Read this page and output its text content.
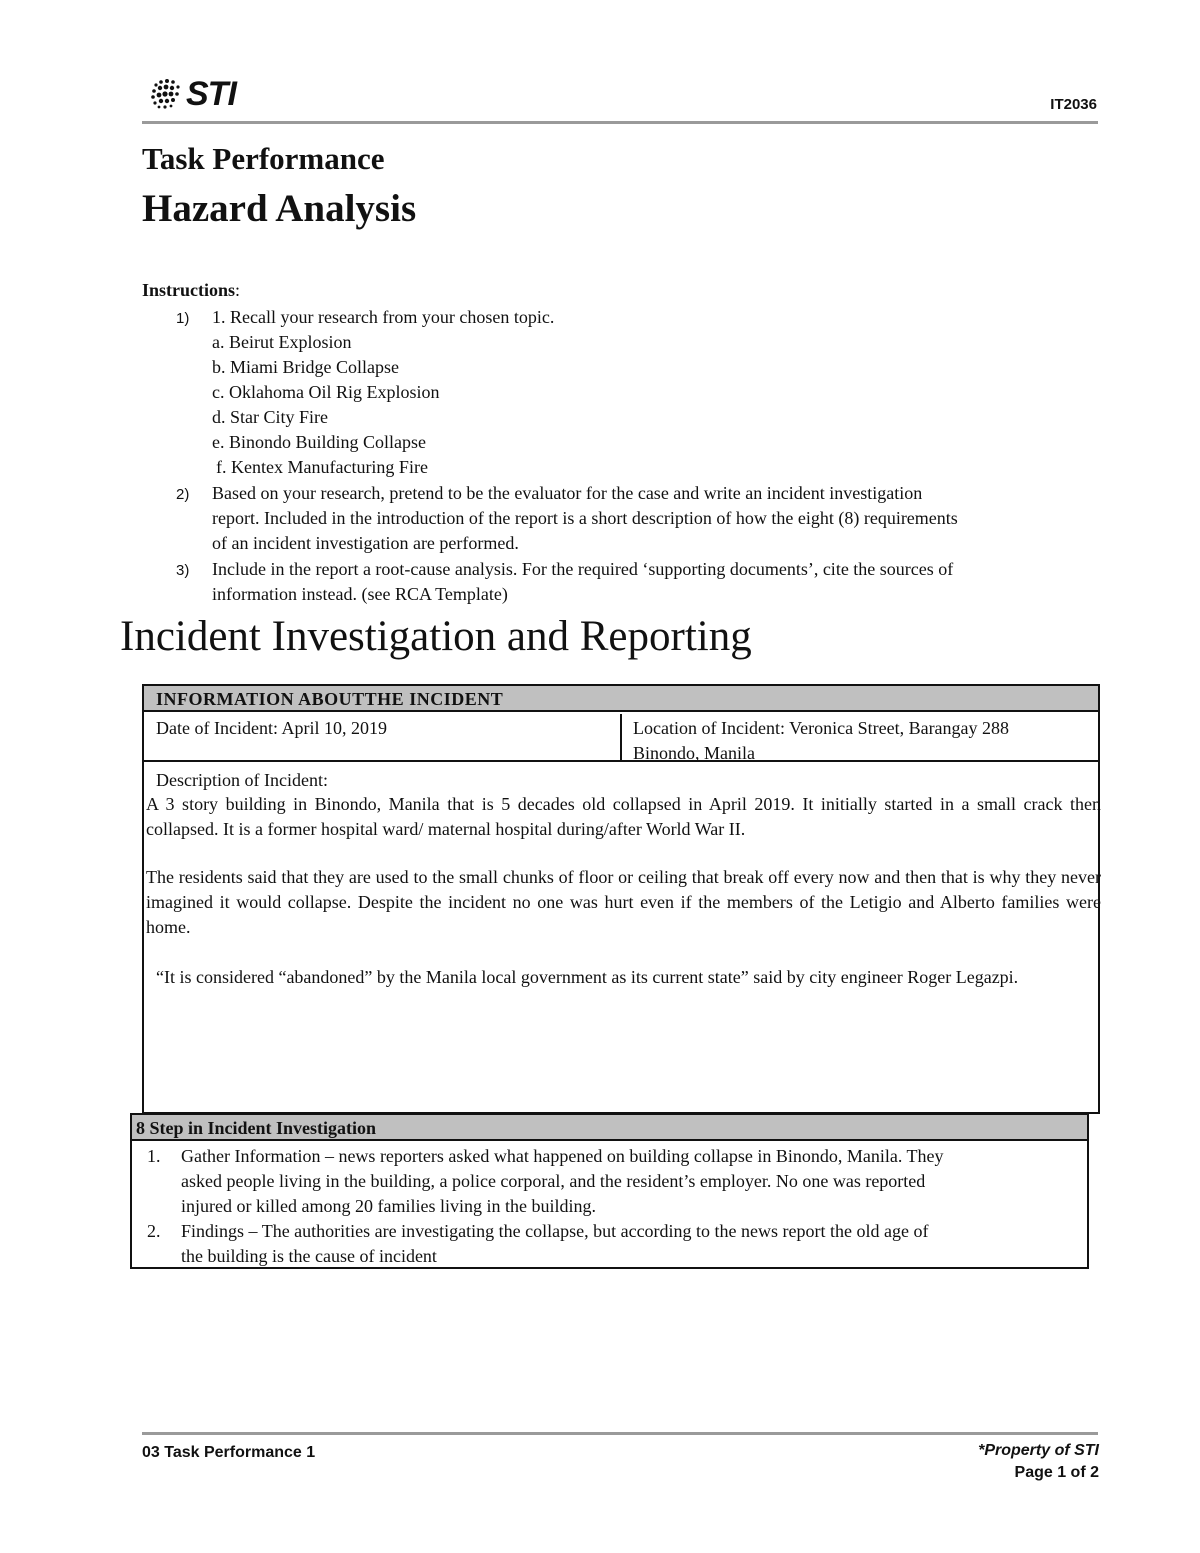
STI	IT2036
Task Performance
Hazard Analysis
Instructions:
1) 1. Recall your research from your chosen topic.
a. Beirut Explosion
b. Miami Bridge Collapse
c. Oklahoma Oil Rig Explosion
d. Star City Fire
e. Binondo Building Collapse
f. Kentex Manufacturing Fire
2) Based on your research, pretend to be the evaluator for the case and write an incident investigation
report. Included in the introduction of the report is a short description of how the eight (8) requirements
of an incident investigation are performed.
3) Include in the report a root-cause analysis. For the required ‘supporting documents’, cite the sources of
information instead. (see RCA Template)
Incident Investigation and Reporting
INFORMATION ABOUTTHE INCIDENT
Date of Incident: April 10, 2019	Location of Incident: Veronica Street, Barangay 288
Binondo, Manila
Description of Incident:
A 3 story building in Binondo, Manila that is 5 decades old collapsed in April 2019. It initially started in a small crack then collapsed. It is a former hospital ward/ maternal hospital during/after World War II.
The residents said that they are used to the small chunks of floor or ceiling that break off every now and then that is why they never imagined it would collapse. Despite the incident no one was hurt even if the members of the Letigio and Alberto families were home.
“It is considered “abandoned” by the Manila local government as its current state” said by city engineer Roger Legazpi.
8 Step in Incident Investigation
1. Gather Information – news reporters asked what happened on building collapse in Binondo, Manila. They
asked people living in the building, a police corporal, and the resident’s employer. No one was reported
injured or killed among 20 families living in the building.
2. Findings – The authorities are investigating the collapse, but according to the news report the old age of
the building is the cause of incident
03 Task Performance 1	*Property of STI
Page 1 of 2
